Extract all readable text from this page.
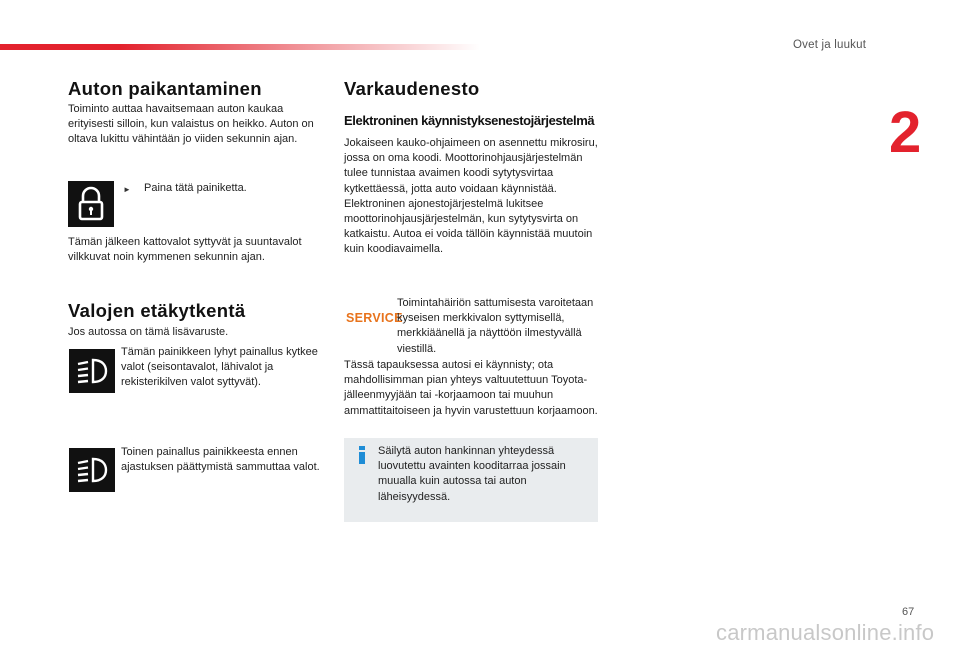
Ovet ja luukut
2
Auton paikantaminen

Toiminto auttaa havaitsemaan auton kaukaa erityisesti silloin, kun valaistus on heikko. Auton on oltava lukittu vähintään jo viiden sekunnin ajan.

► Paina tätä painiketta.

Tämän jälkeen kattovalot syttyvät ja suuntavalot vilkkuvat noin kymmenen sekunnin ajan.

Valojen etäkytkentä

Jos autossa on tämä lisävaruste.

Tämän painikkeen lyhyt painallus kytkee valot (seisontavalot, lähivalot ja rekisterikilven valot syttyvät).

Toinen painallus painikkeesta ennen ajastuksen päättymistä sammuttaa valot.

Varkaudenesto
Elektroninen käynnistyksenestojärjestelmä

Jokaiseen kauko-ohjaimeen on asennettu mikrosiru, jossa on oma koodi. Moottorinohjausjärjestelmän tulee tunnistaa avaimen koodi sytytysvirtaa kytkettäessä, jotta auto voidaan käynnistää. Elektroninen ajonestojärjestelmä lukitsee moottorinohjausjärjestelmän, kun sytytysvirta on katkaistu. Autoa ei voida tällöin käynnistää muutoin kuin koodiavaimella.

SERVICE

Toimintahäiriön sattumisesta varoitetaan kyseisen merkkivalon syttymisellä, merkkiäänellä ja näyttöön ilmestyvällä viestillä.

Tässä tapauksessa autosi ei käynnisty; ota mahdollisimman pian yhteys valtuutettuun Toyota-jälleenmyyjään tai -korjaamoon tai muuhun ammattitaitoiseen ja hyvin varustettuun korjaamoon.

Säilytä auton hankinnan yhteydessä luovutettu avainten kooditarraa jossain muualla kuin autossa tai auton läheisyydessä.

67
carmanualsonline.info
